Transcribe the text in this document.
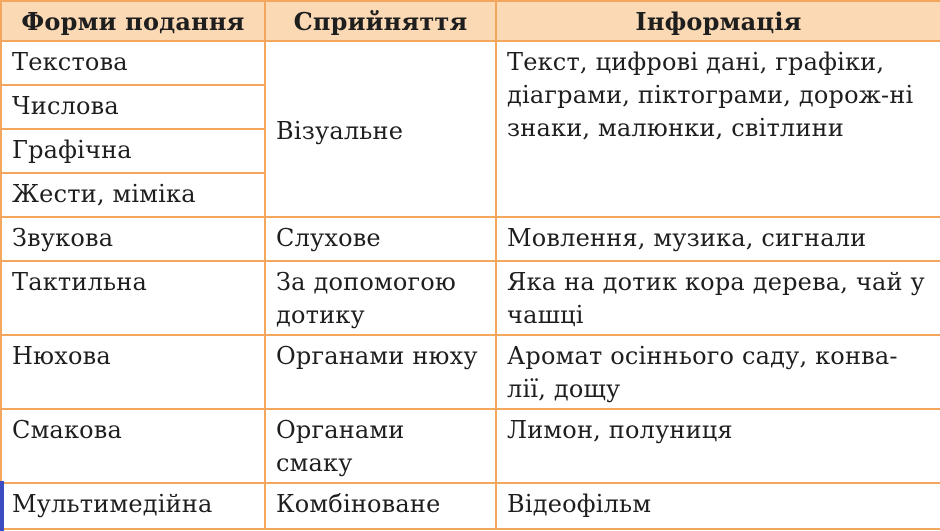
Форми подання	Сприйняття	Інформація
Текстова	Візуальне	Текст, цифрові дані, графіки, діаграми, піктограми, дорож-ні знаки, малюнки, світлини
Числова		
Графічна		
Жести, міміка		
Звукова	Слухове	Мовлення, музика, сигнали
Тактильна	За допомогою дотику	Яка на дотик кора дерева, чай у чашці
Нюхова	Органами нюху	Аромат осіннього саду, конва-лії, дощу
Смакова	Органами смаку	Лимон, полуниця
Мультимедійна	Комбіноване	Відеофільм
